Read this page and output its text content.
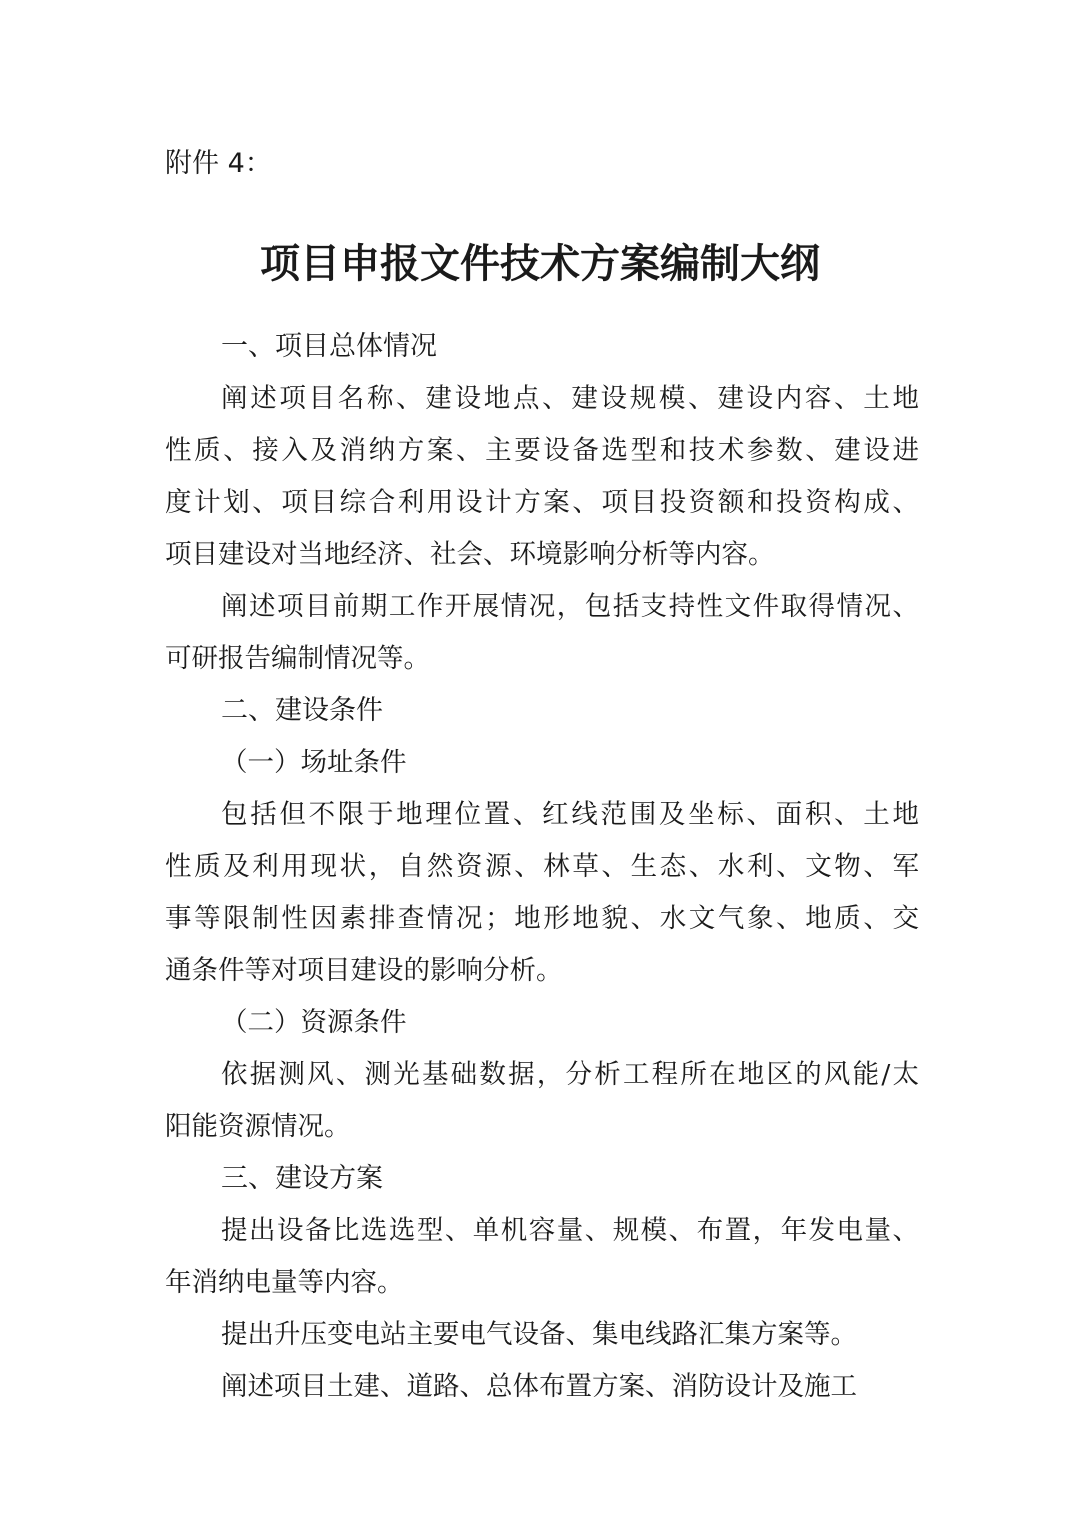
附件 4：

项目申报文件技术方案编制大纲
一、项目总体情况
阐述项目名称、建设地点、建设规模、建设内容、土地
性质、接入及消纳方案、主要设备选型和技术参数、建设进
度计划、项目综合利用设计方案、项目投资额和投资构成、
项目建设对当地经济、社会、环境影响分析等内容。
阐述项目前期工作开展情况，包括支持性文件取得情况、
可研报告编制情况等。
二、建设条件
（一）场址条件
包括但不限于地理位置、红线范围及坐标、面积、土地
性质及利用现状，自然资源、林草、生态、水利、文物、军
事等限制性因素排查情况；地形地貌、水文气象、地质、交
通条件等对项目建设的影响分析。
（二）资源条件
依据测风、测光基础数据，分析工程所在地区的风能/太
阳能资源情况。
三、建设方案
提出设备比选选型、单机容量、规模、布置，年发电量、
年消纳电量等内容。
提出升压变电站主要电气设备、集电线路汇集方案等。
阐述项目土建、道路、总体布置方案、消防设计及施工
